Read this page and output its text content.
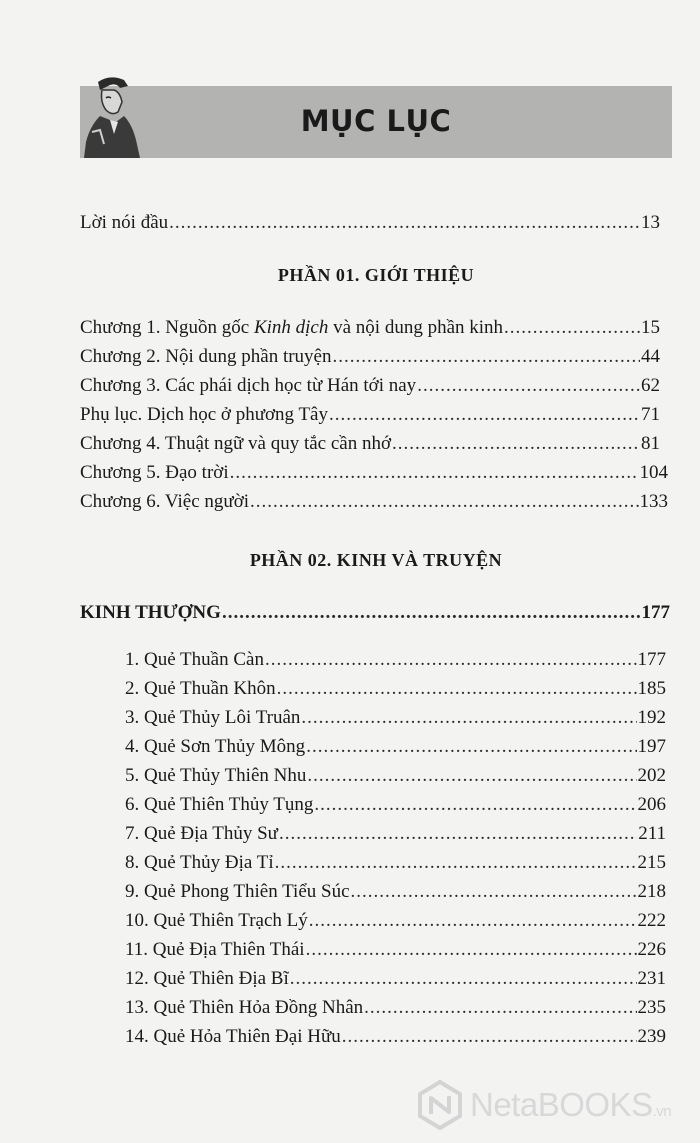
MỤC LỤC
Lời nói đầu .....	13
PHẦN 01. GIỚI THIỆU
Chương 1. Nguồn gốc Kinh dịch và nội dung phần kinh .....	15
Chương 2. Nội dung phần truyện .....	44
Chương 3. Các phái dịch học từ Hán tới nay .....	62
Phụ lục. Dịch học ở phương Tây .....	71
Chương 4. Thuật ngữ và quy tắc cần nhớ .....	81
Chương 5. Đạo trời .....	104
Chương 6. Việc người .....	133
PHẦN 02. KINH VÀ TRUYỆN
KINH THƯỢNG .....	177
1. Quẻ Thuần Càn .....	177
2. Quẻ Thuần Khôn .....	185
3. Quẻ Thủy Lôi Truân .....	192
4. Quẻ Sơn Thủy Mông .....	197
5. Quẻ Thủy Thiên Nhu .....	202
6. Quẻ Thiên Thủy Tụng .....	206
7. Quẻ Địa Thủy Sư .....	211
8. Quẻ Thủy Địa Tỉ .....	215
9. Quẻ Phong Thiên Tiểu Súc .....	218
10. Quẻ Thiên Trạch Lý .....	222
11. Quẻ Địa Thiên Thái .....	226
12. Quẻ Thiên Địa Bĩ .....	231
13. Quẻ Thiên Hỏa Đồng Nhân .....	235
14. Quẻ Hỏa Thiên Đại Hữu .....	239
NetaBOOKS.vn
